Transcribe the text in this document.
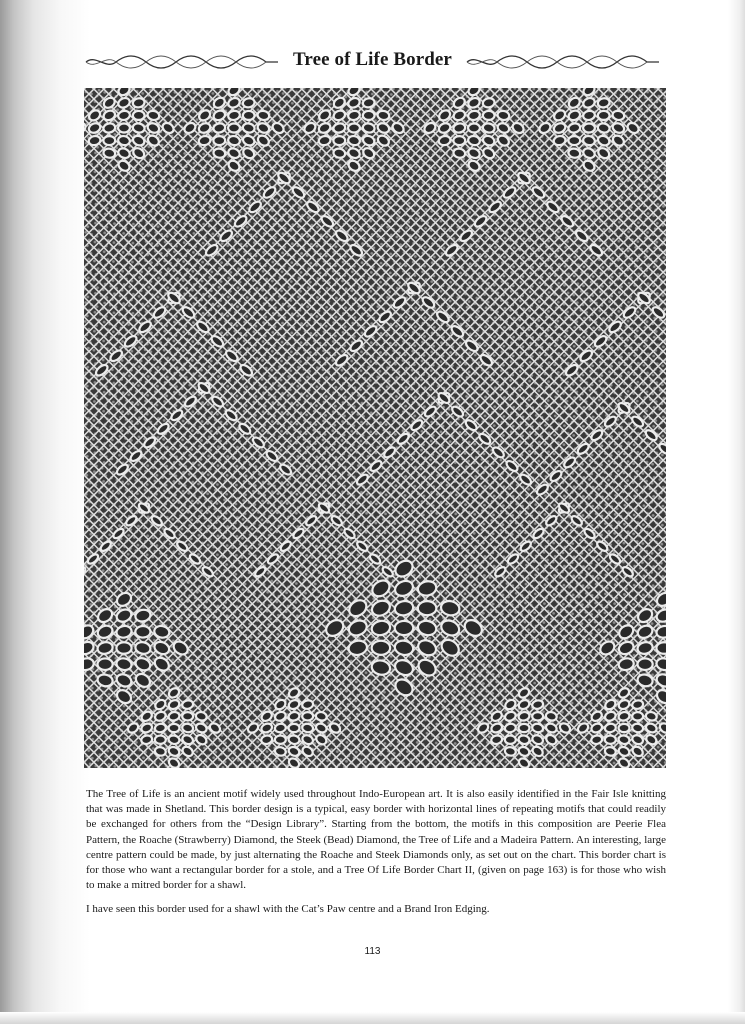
Tree of Life Border

The Tree of Life is an ancient motif widely used throughout Indo-European art. It is also easily identified in the Fair Isle knitting that was made in Shetland. This border design is a typical, easy border with horizontal lines of repeating motifs that could readily be exchanged for others from the “Design Library”. Starting from the bottom, the motifs in this composition are Peerie Flea Pattern, the Roache (Strawberry) Diamond, the Steek (Bead) Diamond, the Tree of Life and a Madeira Pattern. An interesting, large centre pattern could be made, by just alternating the Roache and Steek Diamonds only, as set out on the chart. This border chart is for those who want a rectangular border for a stole, and a Tree Of Life Border Chart II, (given on page 163) is for those who wish to make a mitred border for a shawl.

I have seen this border used for a shawl with the Cat’s Paw centre and a Brand Iron Edging.

113
